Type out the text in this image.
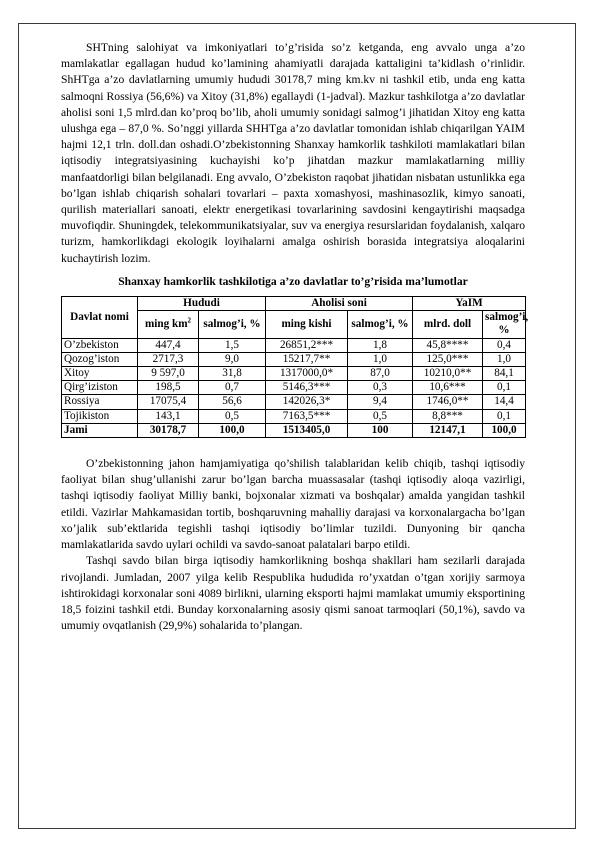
SHTning salohiyat va imkoniyatlari to’g’risida so’z ketganda, eng avvalo unga a’zo mamlakatlar egallagan hudud ko’lamining ahamiyatli darajada kattaligini ta’kidlash o’rinlidir. ShHTga a’zo davlatlarning umumiy hududi 30178,7 ming km.kv ni tashkil etib, unda eng katta salmoqni Rossiya (56,6%) va Xitoy (31,8%) egallaydi (1-jadval). Mazkur tashkilotga a’zo davlatlar aholisi soni 1,5 mlrd.dan ko’proq bo’lib, aholi umumiy sonidagi salmog’i jihatidan Xitoy eng katta ulushga ega – 87,0 %. So’nggi yillarda SHHTga a’zo davlatlar tomonidan ishlab chiqarilgan YAIM hajmi 12,1 trln. doll.dan oshadi.O’zbekistonning Shanxay hamkorlik tashkiloti mamlakatlari bilan iqtisodiy integratsiyasining kuchayishi ko’p jihatdan mazkur mamlakatlarning milliy manfaatdorligi bilan belgilanadi. Eng avvalo, O’zbekiston raqobat jihatidan nisbatan ustunlikka ega bo’lgan ishlab chiqarish sohalari tovarlari – paxta xomashyosi, mashinasozlik, kimyo sanoati, qurilish materiallari sanoati, elektr energetikasi tovarlarining savdosini kengaytirishi maqsadga muvofiqdir. Shuningdek, telekommunikatsiyalar, suv va energiya resurslaridan foydalanish, xalqaro turizm, hamkorlikdagi ekologik loyihalarni amalga oshirish borasida integratsiya aloqalarini kuchaytirish lozim.

Shanxay hamkorlik tashkilotiga a’zo davlatlar to’g’risida ma’lumotlar
Davlat nomi	Hududi		Aholisi soni		YaIM	
	ming $km^2$	salmog’i, %	ming kishi	salmog’i, %	mlrd. doll	salmog’i, %
O’zbekiston	447,4	1,5	26851,2***	1,8	45,8****	0,4
Qozog’iston	2717,3	9,0	15217,7**	1,0	125,0***	1,0
Xitoy	9 597,0	31,8	1317000,0*	87,0	10210,0**	84,1
Qirg’iziston	198,5	0,7	5146,3***	0,3	10,6***	0,1
Rossiya	17075,4	56,6	142026,3*	9,4	1746,0**	14,4
Tojikiston	143,1	0,5	7163,5***	0,5	8,8***	0,1
Jami	30178,7	100,0	1513405,0	100	12147,1	100,0

O’zbekistonning jahon hamjamiyatiga qo’shilish talablaridan kelib chiqib, tashqi iqtisodiy faoliyat bilan shug’ullanishi zarur bo’lgan barcha muassasalar (tashqi iqtisodiy aloqa vazirligi, tashqi iqtisodiy faoliyat Milliy banki, bojxonalar xizmati va boshqalar) amalda yangidan tashkil etildi. Vazirlar Mahkamasidan tortib, boshqaruvning mahalliy darajasi va korxonalargacha bo’lgan xo’jalik sub’ektlarida tegishli tashqi iqtisodiy bo’limlar tuzildi. Dunyoning bir qancha mamlakatlarida savdo uylari ochildi va savdo-sanoat palatalari barpo etildi.

Tashqi savdo bilan birga iqtisodiy hamkorlikning boshqa shakllari ham sezilarli darajada rivojlandi. Jumladan, 2007 yilga kelib Respublika hududida ro’yxatdan o’tgan xorijiy sarmoya ishtirokidagi korxonalar soni 4089 birlikni, ularning eksporti hajmi mamlakat umumiy eksportining 18,5 foizini tashkil etdi. Bunday korxonalarning asosiy qismi sanoat tarmoqlari (50,1%), savdo va umumiy ovqatlanish (29,9%) sohalarida to’plangan.
